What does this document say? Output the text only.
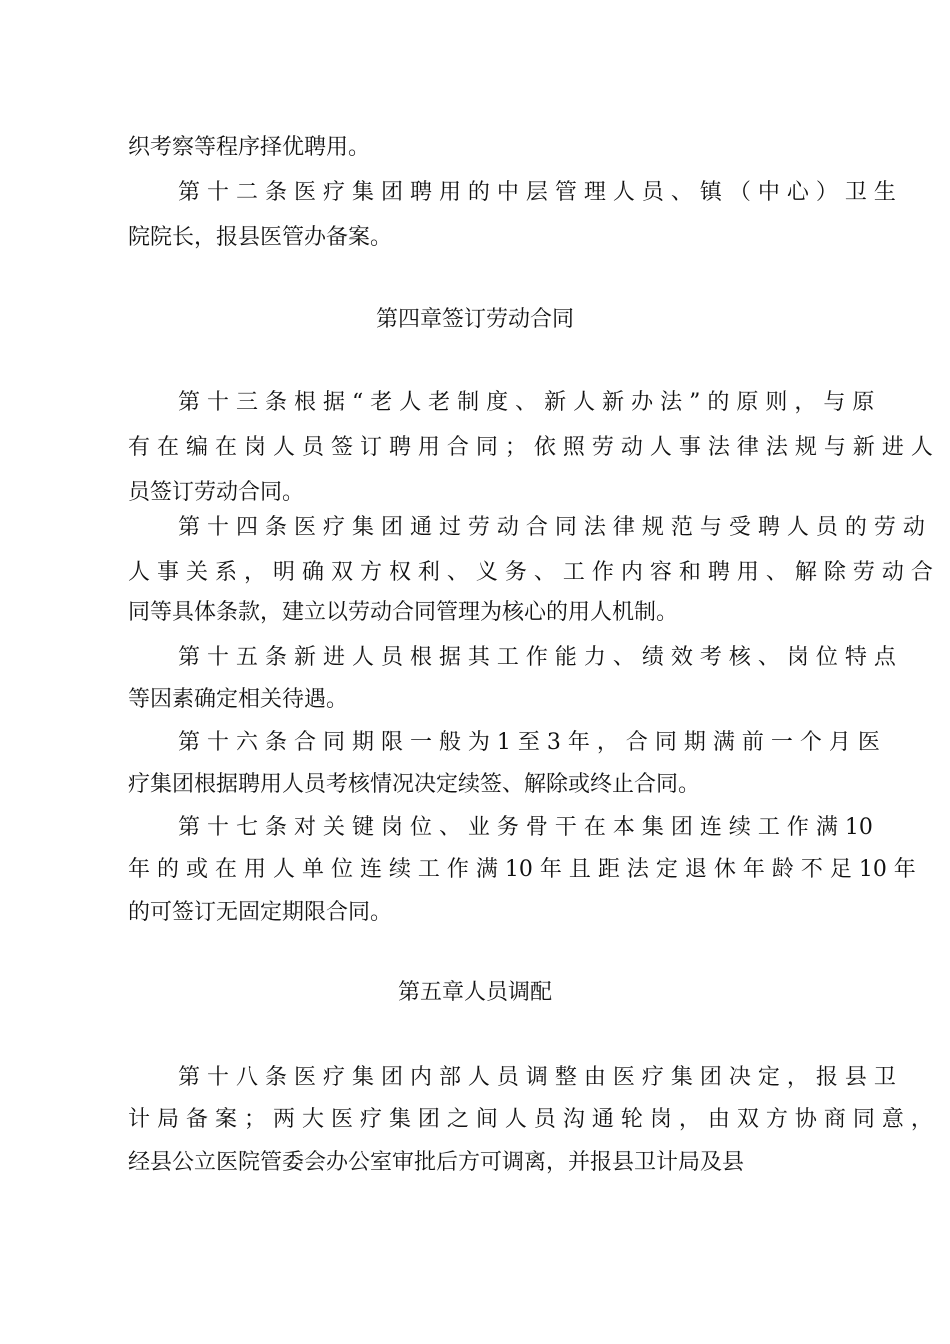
织考察等程序择优聘用。
第 十 二 条 医 疗 集 团 聘 用 的 中 层 管 理 人 员 、 镇 （ 中 心 ） 卫 生
院院长，报县医管办备案。
第四章签订劳动合同
第 十 三 条 根 据 “ 老 人 老 制 度 、 新 人 新 办 法 ” 的 原 则 ， 与 原
有 在 编 在 岗 人 员 签 订 聘 用 合 同 ； 依 照 劳 动 人 事 法 律 法 规 与 新 进 人
员签订劳动合同。
第 十 四 条 医 疗 集 团 通 过 劳 动 合 同 法 律 规 范 与 受 聘 人 员 的 劳 动
人 事 关 系 ， 明 确 双 方 权 利 、 义 务 、 工 作 内 容 和 聘 用 、 解 除 劳 动 合
同等具体条款，建立以劳动合同管理为核心的用人机制。
第 十 五 条 新 进 人 员 根 据 其 工 作 能 力 、 绩 效 考 核 、 岗 位 特 点
等因素确定相关待遇。
第 十 六 条 合 同 期 限 一 般 为 1 至 3 年 ， 合 同 期 满 前 一 个 月 医
疗集团根据聘用人员考核情况决定续签、解除或终止合同。
第 十 七 条 对 关 键 岗 位 、 业 务 骨 干 在 本 集 团 连 续 工 作 满 10
年 的 或 在 用 人 单 位 连 续 工 作 满 10 年 且 距 法 定 退 休 年 龄 不 足 10 年
的可签订无固定期限合同。
第五章人员调配
第 十 八 条 医 疗 集 团 内 部 人 员 调 整 由 医 疗 集 团 决 定 ， 报 县 卫
计 局 备 案 ； 两 大 医 疗 集 团 之 间 人 员 沟 通 轮 岗 ， 由 双 方 协 商 同 意 ，
经县公立医院管委会办公室审批后方可调离，并报县卫计局及县
